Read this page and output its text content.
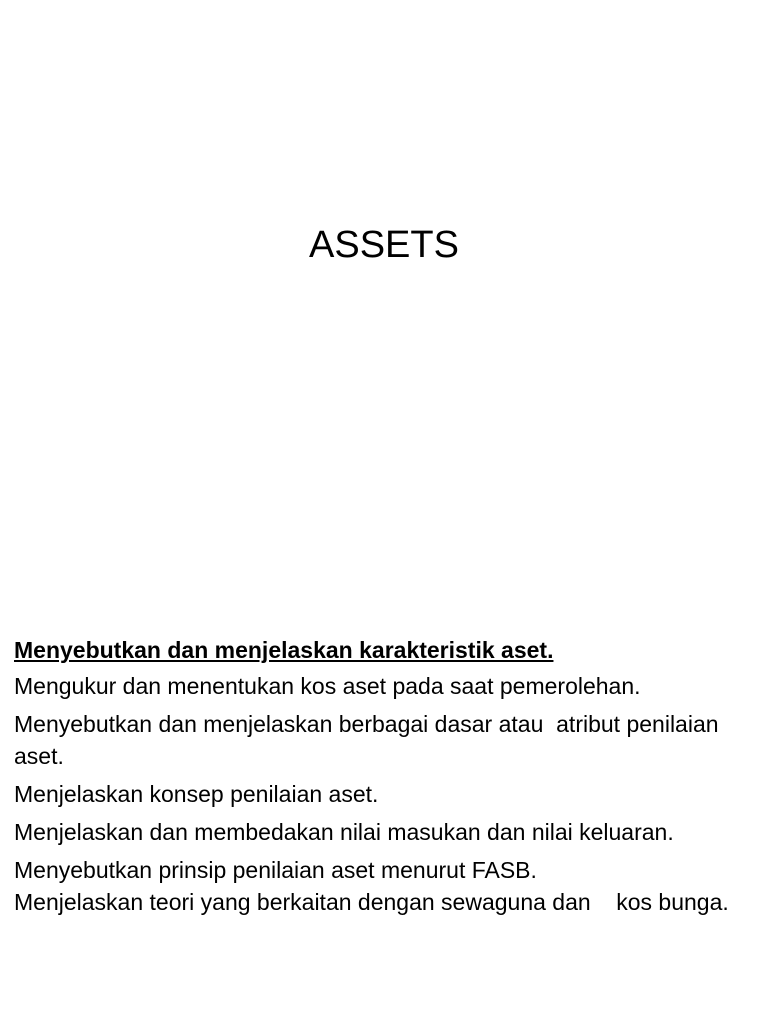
ASSETS

Menyebutkan dan menjelaskan karakteristik aset.

Mengukur dan menentukan kos aset pada saat pemerolehan.

Menyebutkan dan menjelaskan berbagai dasar atau  atribut penilaian aset.

Menjelaskan konsep penilaian aset.

Menjelaskan dan membedakan nilai masukan dan nilai keluaran.

Menyebutkan prinsip penilaian aset menurut FASB.

Menjelaskan teori yang berkaitan dengan sewaguna dan    kos bunga.
